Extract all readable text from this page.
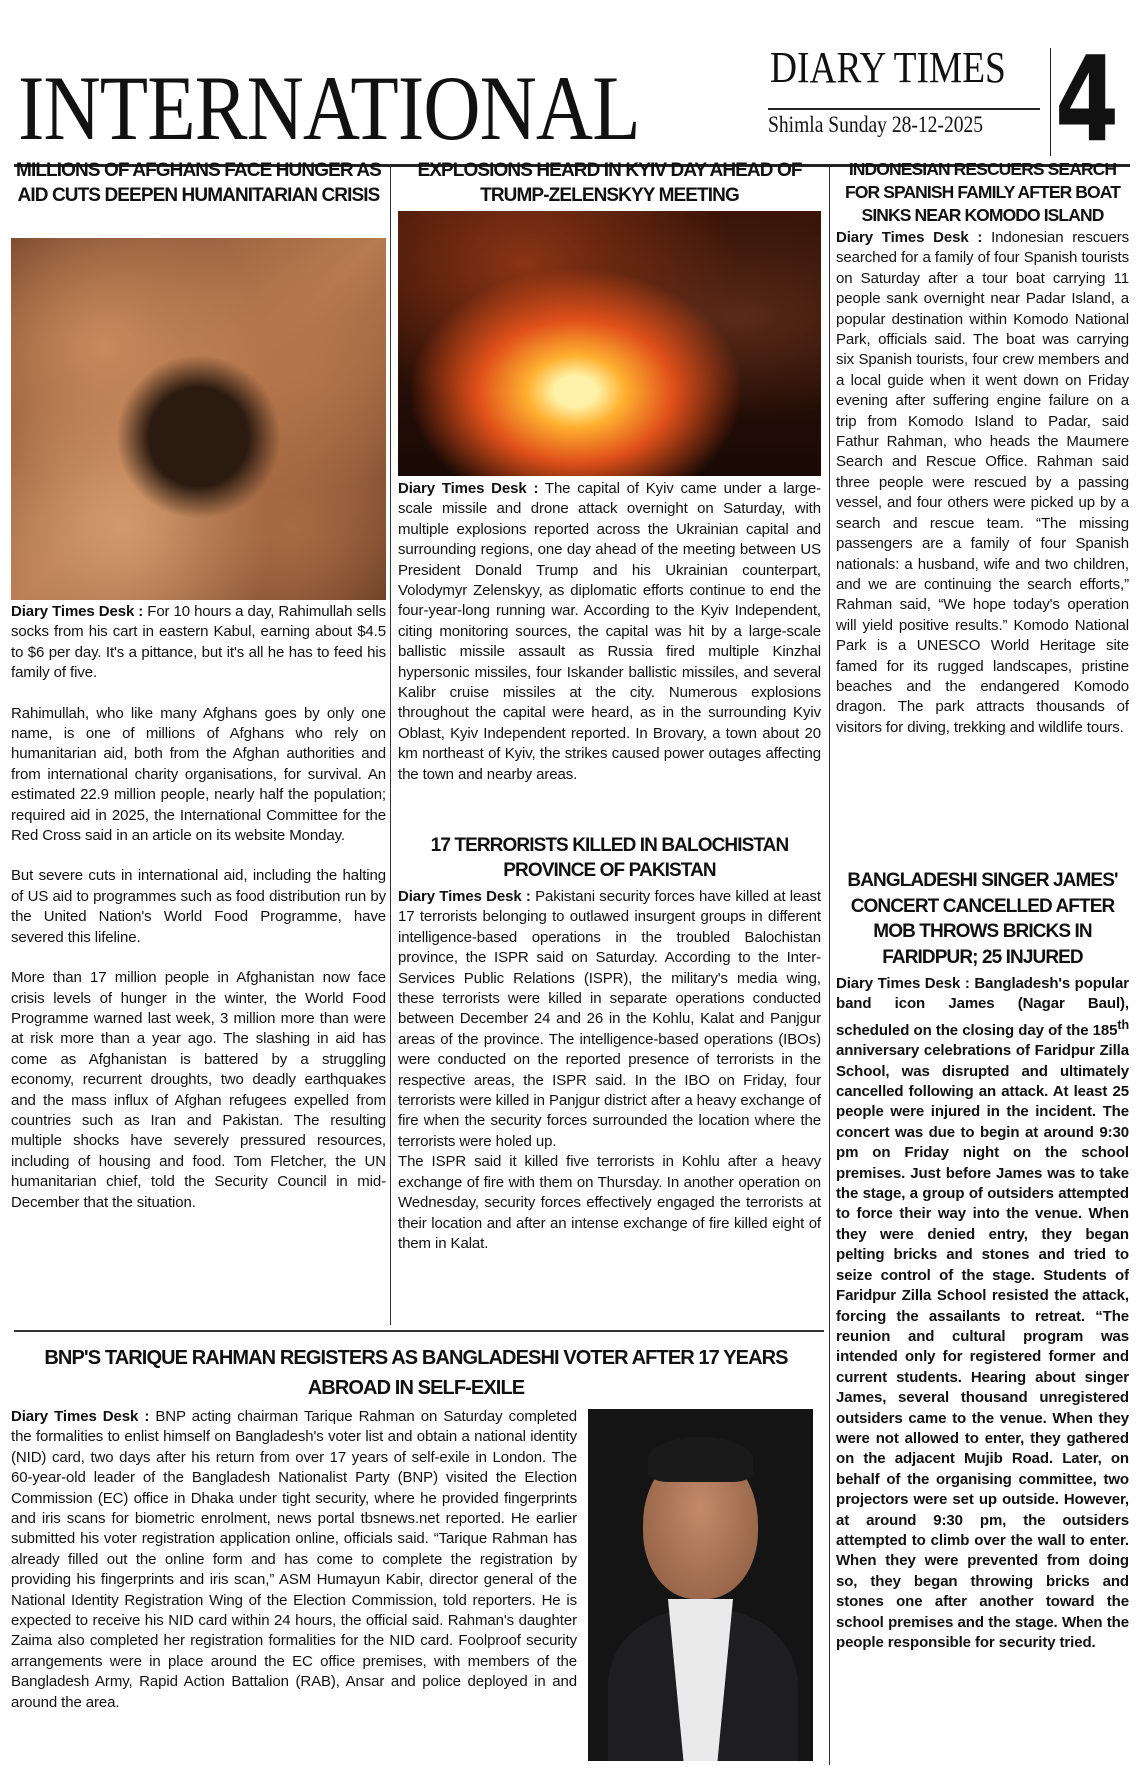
INTERNATIONAL	DIARY TIMES
Shimla Sunday 28-12-2025 4
MILLIONS OF AFGHANS FACE HUNGER AS AID CUTS DEEPEN HUMANITARIAN CRISIS

Diary Times Desk : For 10 hours a day, Rahimullah sells socks from his cart in eastern Kabul, earning about $4.5 to $6 per day. It's a pittance, but it's all he has to feed his family of five.

Rahimullah, who like many Afghans goes by only one name, is one of millions of Afghans who rely on humanitarian aid, both from the Afghan authorities and from international charity organisations, for survival. An estimated 22.9 million people, nearly half the population; required aid in 2025, the International Committee for the Red Cross said in an article on its website Monday.

But severe cuts in international aid, including the halting of US aid to programmes such as food distribution run by the United Nation's World Food Programme, have severed this lifeline.

More than 17 million people in Afghanistan now face crisis levels of hunger in the winter, the World Food Programme warned last week, 3 million more than were at risk more than a year ago. The slashing in aid has come as Afghanistan is battered by a struggling economy, recurrent droughts, two deadly earthquakes and the mass influx of Afghan refugees expelled from countries such as Iran and Pakistan. The resulting multiple shocks have severely pressured resources, including of housing and food. Tom Fletcher, the UN humanitarian chief, told the Security Council in mid-December that the situation.

EXPLOSIONS HEARD IN KYIV DAY AHEAD OF TRUMP-ZELENSKYY MEETING

Diary Times Desk : The capital of Kyiv came under a large-scale missile and drone attack overnight on Saturday, with multiple explosions reported across the Ukrainian capital and surrounding regions, one day ahead of the meeting between US President Donald Trump and his Ukrainian counterpart, Volodymyr Zelenskyy, as diplomatic efforts continue to end the four-year-long running war. According to the Kyiv Independent, citing monitoring sources, the capital was hit by a large-scale ballistic missile assault as Russia fired multiple Kinzhal hypersonic missiles, four Iskander ballistic missiles, and several Kalibr cruise missiles at the city. Numerous explosions throughout the capital were heard, as in the surrounding Kyiv Oblast, Kyiv Independent reported. In Brovary, a town about 20 km northeast of Kyiv, the strikes caused power outages affecting the town and nearby areas.

17 TERRORISTS KILLED IN BALOCHISTAN PROVINCE OF PAKISTAN

Diary Times Desk : Pakistani security forces have killed at least 17 terrorists belonging to outlawed insurgent groups in different intelligence-based operations in the troubled Balochistan province, the ISPR said on Saturday. According to the Inter-Services Public Relations (ISPR), the military's media wing, these terrorists were killed in separate operations conducted between December 24 and 26 in the Kohlu, Kalat and Panjgur areas of the province. The intelligence-based operations (IBOs) were conducted on the reported presence of terrorists in the respective areas, the ISPR said. In the IBO on Friday, four terrorists were killed in Panjgur district after a heavy exchange of fire when the security forces surrounded the location where the terrorists were holed up.

The ISPR said it killed five terrorists in Kohlu after a heavy exchange of fire with them on Thursday. In another operation on Wednesday, security forces effectively engaged the terrorists at their location and after an intense exchange of fire killed eight of them in Kalat.

INDONESIAN RESCUERS SEARCH FOR SPANISH FAMILY AFTER BOAT SINKS NEAR KOMODO ISLAND

Diary Times Desk : Indonesian rescuers searched for a family of four Spanish tourists on Saturday after a tour boat carrying 11 people sank overnight near Padar Island, a popular destination within Komodo National Park, officials said. The boat was carrying six Spanish tourists, four crew members and a local guide when it went down on Friday evening after suffering engine failure on a trip from Komodo Island to Padar, said Fathur Rahman, who heads the Maumere Search and Rescue Office. Rahman said three people were rescued by a passing vessel, and four others were picked up by a search and rescue team. “The missing passengers are a family of four Spanish nationals: a husband, wife and two children, and we are continuing the search efforts,” Rahman said, “We hope today's operation will yield positive results.” Komodo National Park is a UNESCO World Heritage site famed for its rugged landscapes, pristine beaches and the endangered Komodo dragon. The park attracts thousands of visitors for diving, trekking and wildlife tours.

BANGLADESHI SINGER JAMES' CONCERT CANCELLED AFTER MOB THROWS BRICKS IN FARIDPUR; 25 INJURED

Diary Times Desk : Bangladesh's popular band icon James (Nagar Baul), scheduled on the closing day of the 185th anniversary celebrations of Faridpur Zilla School, was disrupted and ultimately cancelled following an attack. At least 25 people were injured in the incident. The concert was due to begin at around 9:30 pm on Friday night on the school premises. Just before James was to take the stage, a group of outsiders attempted to force their way into the venue. When they were denied entry, they began pelting bricks and stones and tried to seize control of the stage. Students of Faridpur Zilla School resisted the attack, forcing the assailants to retreat. “The reunion and cultural program was intended only for registered former and current students. Hearing about singer James, several thousand unregistered outsiders came to the venue. When they were not allowed to enter, they gathered on the adjacent Mujib Road. Later, on behalf of the organising committee, two projectors were set up outside. However, at around 9:30 pm, the outsiders attempted to climb over the wall to enter. When they were prevented from doing so, they began throwing bricks and stones one after another toward the school premises and the stage. When the people responsible for security tried.

BNP'S TARIQUE RAHMAN REGISTERS AS BANGLADESHI VOTER AFTER 17 YEARS ABROAD IN SELF-EXILE

Diary Times Desk : BNP acting chairman Tarique Rahman on Saturday completed the formalities to enlist himself on Bangladesh's voter list and obtain a national identity (NID) card, two days after his return from over 17 years of self-exile in London. The 60-year-old leader of the Bangladesh Nationalist Party (BNP) visited the Election Commission (EC) office in Dhaka under tight security, where he provided fingerprints and iris scans for biometric enrolment, news portal tbsnews.net reported. He earlier submitted his voter registration application online, officials said. “Tarique Rahman has already filled out the online form and has come to complete the registration by providing his fingerprints and iris scan,” ASM Humayun Kabir, director general of the National Identity Registration Wing of the Election Commission, told reporters. He is expected to receive his NID card within 24 hours, the official said. Rahman's daughter Zaima also completed her registration formalities for the NID card. Foolproof security arrangements were in place around the EC office premises, with members of the Bangladesh Army, Rapid Action Battalion (RAB), Ansar and police deployed in and around the area.
